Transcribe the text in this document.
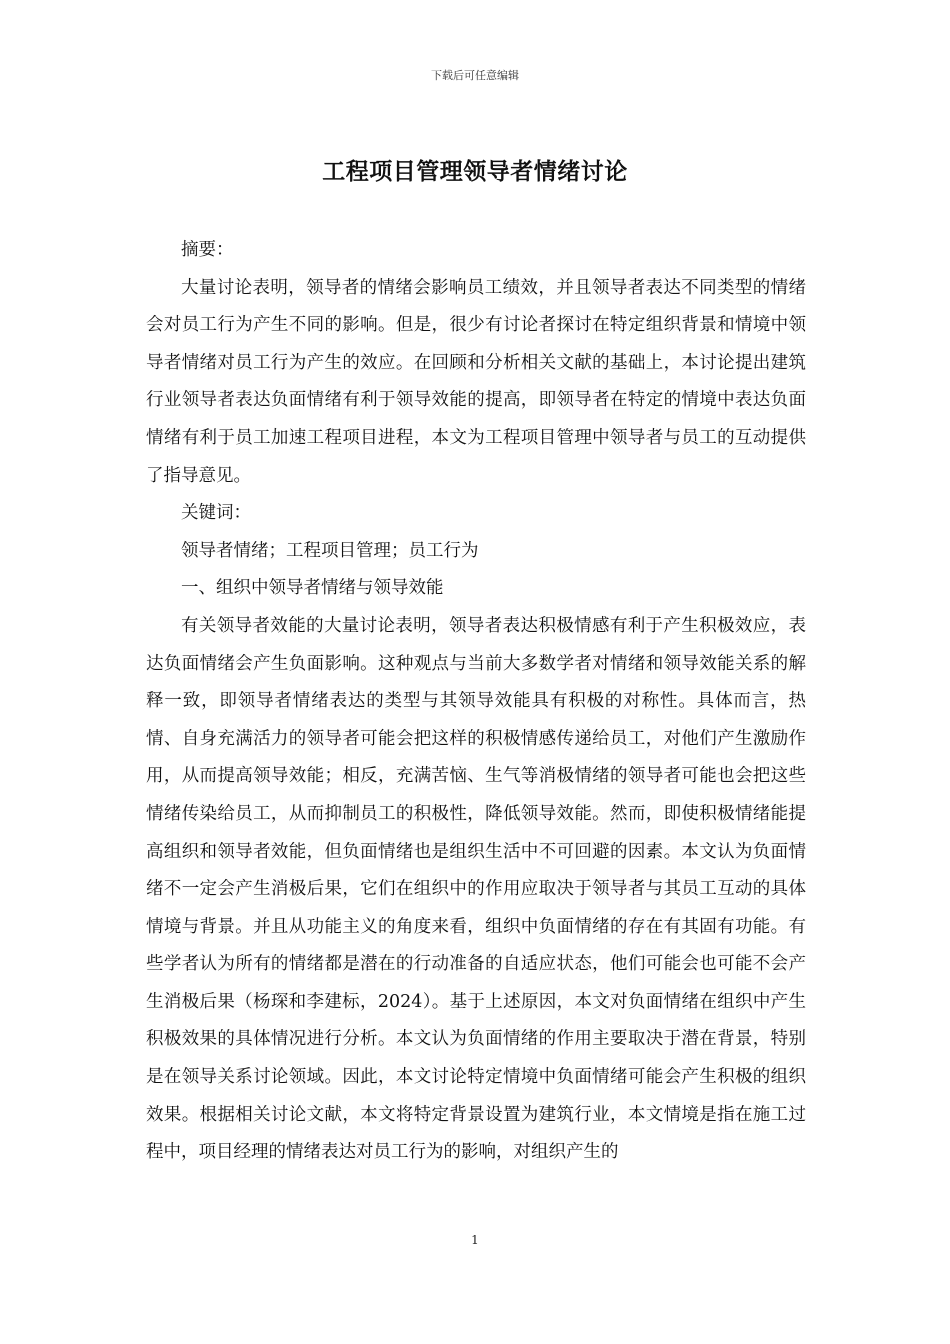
下载后可任意编辑
工程项目管理领导者情绪讨论

摘要：

大量讨论表明，领导者的情绪会影响员工绩效，并且领导者表达不同类型的情绪会对员工行为产生不同的影响。但是，很少有讨论者探讨在特定组织背景和情境中领导者情绪对员工行为产生的效应。在回顾和分析相关文献的基础上，本讨论提出建筑行业领导者表达负面情绪有利于领导效能的提高，即领导者在特定的情境中表达负面情绪有利于员工加速工程项目进程，本文为工程项目管理中领导者与员工的互动提供了指导意见。

关键词：

领导者情绪；工程项目管理；员工行为

一、组织中领导者情绪与领导效能

有关领导者效能的大量讨论表明，领导者表达积极情感有利于产生积极效应，表达负面情绪会产生负面影响。这种观点与当前大多数学者对情绪和领导效能关系的解释一致，即领导者情绪表达的类型与其领导效能具有积极的对称性。具体而言，热情、自身充满活力的领导者可能会把这样的积极情感传递给员工，对他们产生激励作用，从而提高领导效能；相反，充满苦恼、生气等消极情绪的领导者可能也会把这些情绪传染给员工，从而抑制员工的积极性，降低领导效能。然而，即使积极情绪能提高组织和领导者效能，但负面情绪也是组织生活中不可回避的因素。本文认为负面情绪不一定会产生消极后果，它们在组织中的作用应取决于领导者与其员工互动的具体情境与背景。并且从功能主义的角度来看，组织中负面情绪的存在有其固有功能。有些学者认为所有的情绪都是潜在的行动准备的自适应状态，他们可能会也可能不会产生消极后果（杨琛和李建标，2024）。基于上述原因，本文对负面情绪在组织中产生积极效果的具体情况进行分析。本文认为负面情绪的作用主要取决于潜在背景，特别是在领导关系讨论领域。因此，本文讨论特定情境中负面情绪可能会产生积极的组织效果。根据相关讨论文献，本文将特定背景设置为建筑行业，本文情境是指在施工过程中，项目经理的情绪表达对员工行为的影响，对组织产生的

1
